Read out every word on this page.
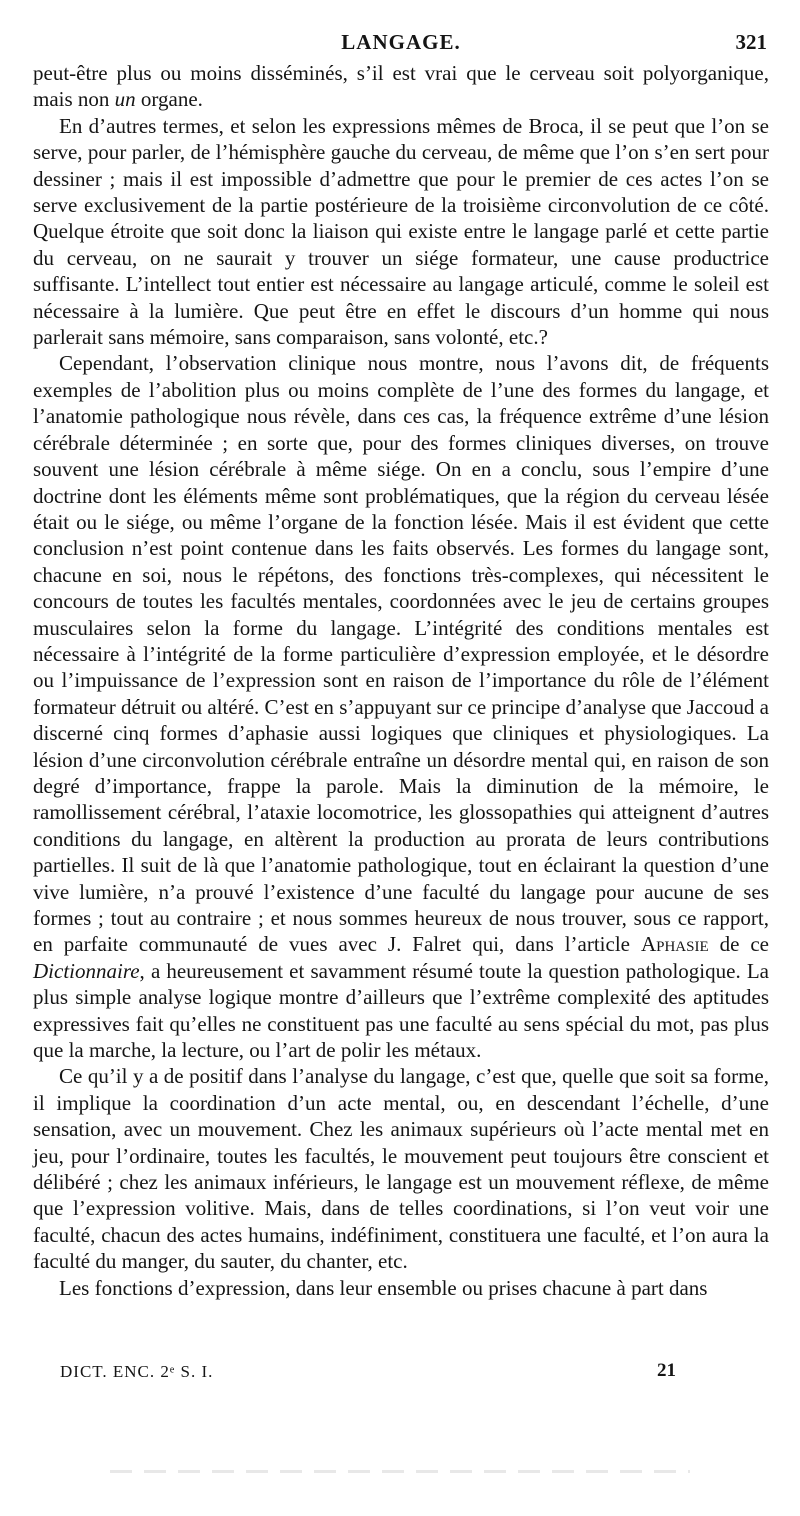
LANGAGE.	321

peut-être plus ou moins disséminés, s’il est vrai que le cerveau soit polyorganique, mais non un organe.

En d’autres termes, et selon les expressions mêmes de Broca, il se peut que l’on se serve, pour parler, de l’hémisphère gauche du cerveau, de même que l’on s’en sert pour dessiner ; mais il est impossible d’admettre que pour le premier de ces actes l’on se serve exclusivement de la partie postérieure de la troisième circonvolution de ce côté. Quelque étroite que soit donc la liaison qui existe entre le langage parlé et cette partie du cerveau, on ne saurait y trouver un siége formateur, une cause productrice suffisante. L’intellect tout entier est nécessaire au langage articulé, comme le soleil est nécessaire à la lumière. Que peut être en effet le discours d’un homme qui nous parlerait sans mémoire, sans comparaison, sans volonté, etc.?

Cependant, l’observation clinique nous montre, nous l’avons dit, de fréquents exemples de l’abolition plus ou moins complète de l’une des formes du langage, et l’anatomie pathologique nous révèle, dans ces cas, la fréquence extrême d’une lésion cérébrale déterminée ; en sorte que, pour des formes cliniques diverses, on trouve souvent une lésion cérébrale à même siége. On en a conclu, sous l’empire d’une doctrine dont les éléments même sont problématiques, que la région du cerveau lésée était ou le siége, ou même l’organe de la fonction lésée. Mais il est évident que cette conclusion n’est point contenue dans les faits observés. Les formes du langage sont, chacune en soi, nous le répétons, des fonctions très-complexes, qui nécessitent le concours de toutes les facultés mentales, coordonnées avec le jeu de certains groupes musculaires selon la forme du langage. L’intégrité des conditions mentales est nécessaire à l’intégrité de la forme particulière d’expression employée, et le désordre ou l’impuissance de l’expression sont en raison de l’importance du rôle de l’élément formateur détruit ou altéré. C’est en s’appuyant sur ce principe d’analyse que Jaccoud a discerné cinq formes d’aphasie aussi logiques que cliniques et physiologiques. La lésion d’une circonvolution cérébrale entraîne un désordre mental qui, en raison de son degré d’importance, frappe la parole. Mais la diminution de la mémoire, le ramollissement cérébral, l’ataxie locomotrice, les glossopathies qui atteignent d’autres conditions du langage, en altèrent la production au prorata de leurs contributions partielles. Il suit de là que l’anatomie pathologique, tout en éclairant la question d’une vive lumière, n’a prouvé l’existence d’une faculté du langage pour aucune de ses formes ; tout au contraire ; et nous sommes heureux de nous trouver, sous ce rapport, en parfaite communauté de vues avec J. Falret qui, dans l’article Aphasie de ce Dictionnaire, a heureusement et savamment résumé toute la question pathologique. La plus simple analyse logique montre d’ailleurs que l’extrême complexité des aptitudes expressives fait qu’elles ne constituent pas une faculté au sens spécial du mot, pas plus que la marche, la lecture, ou l’art de polir les métaux.

Ce qu’il y a de positif dans l’analyse du langage, c’est que, quelle que soit sa forme, il implique la coordination d’un acte mental, ou, en descendant l’échelle, d’une sensation, avec un mouvement. Chez les animaux supérieurs où l’acte mental met en jeu, pour l’ordinaire, toutes les facultés, le mouvement peut toujours être conscient et délibéré ; chez les animaux inférieurs, le langage est un mouvement réflexe, de même que l’expression volitive. Mais, dans de telles coordinations, si l’on veut voir une faculté, chacun des actes humains, indéfiniment, constituera une faculté, et l’on aura la faculté du manger, du sauter, du chanter, etc.

Les fonctions d’expression, dans leur ensemble ou prises chacune à part dans

DICT. ENC. 2ᵉ S. I.	21
